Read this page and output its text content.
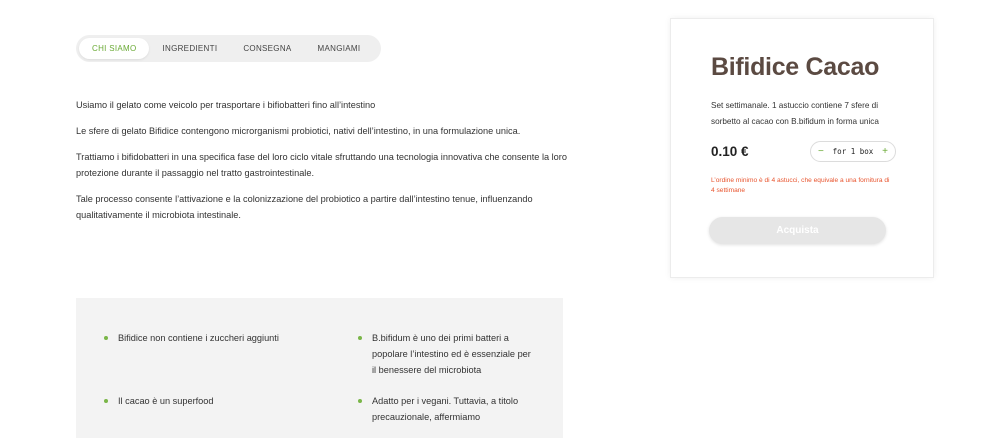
CHI SIAMO	INGREDIENTI	CONSEGNA	MANGIAMI

Usiamo il gelato come veicolo per trasportare i bifiobatteri fino all’intestino

Le sfere di gelato Bifidice contengono microrganismi probiotici, nativi dell’intestino, in una formulazione unica.

Trattiamo i bifidobatteri in una specifica fase del loro ciclo vitale sfruttando una tecnologia innovativa che consente la loro protezione durante il passaggio nel tratto gastrointestinale.

Tale processo consente l’attivazione e la colonizzazione del probiotico a partire dall’intestino tenue, influenzando qualitativamente il microbiota intestinale.

Bifidice non contiene i zuccheri aggiunti	B.bifidum è uno dei primi batteri a popolare l’intestino ed è essenziale per il benessere del microbiota
Il cacao è un superfood	Adatto per i vegani. Tuttavia, a titolo precauzionale, affermiamo
Bifidice Cacao
Set settimanale. 1 astuccio contiene 7 sfere di sorbetto al cacao con B.bifidum in forma unica
0.10 €	− for 1 box +
L’ordine minimo è di 4 astucci, che equivale a una fornitura di 4 settimane
Acquista
